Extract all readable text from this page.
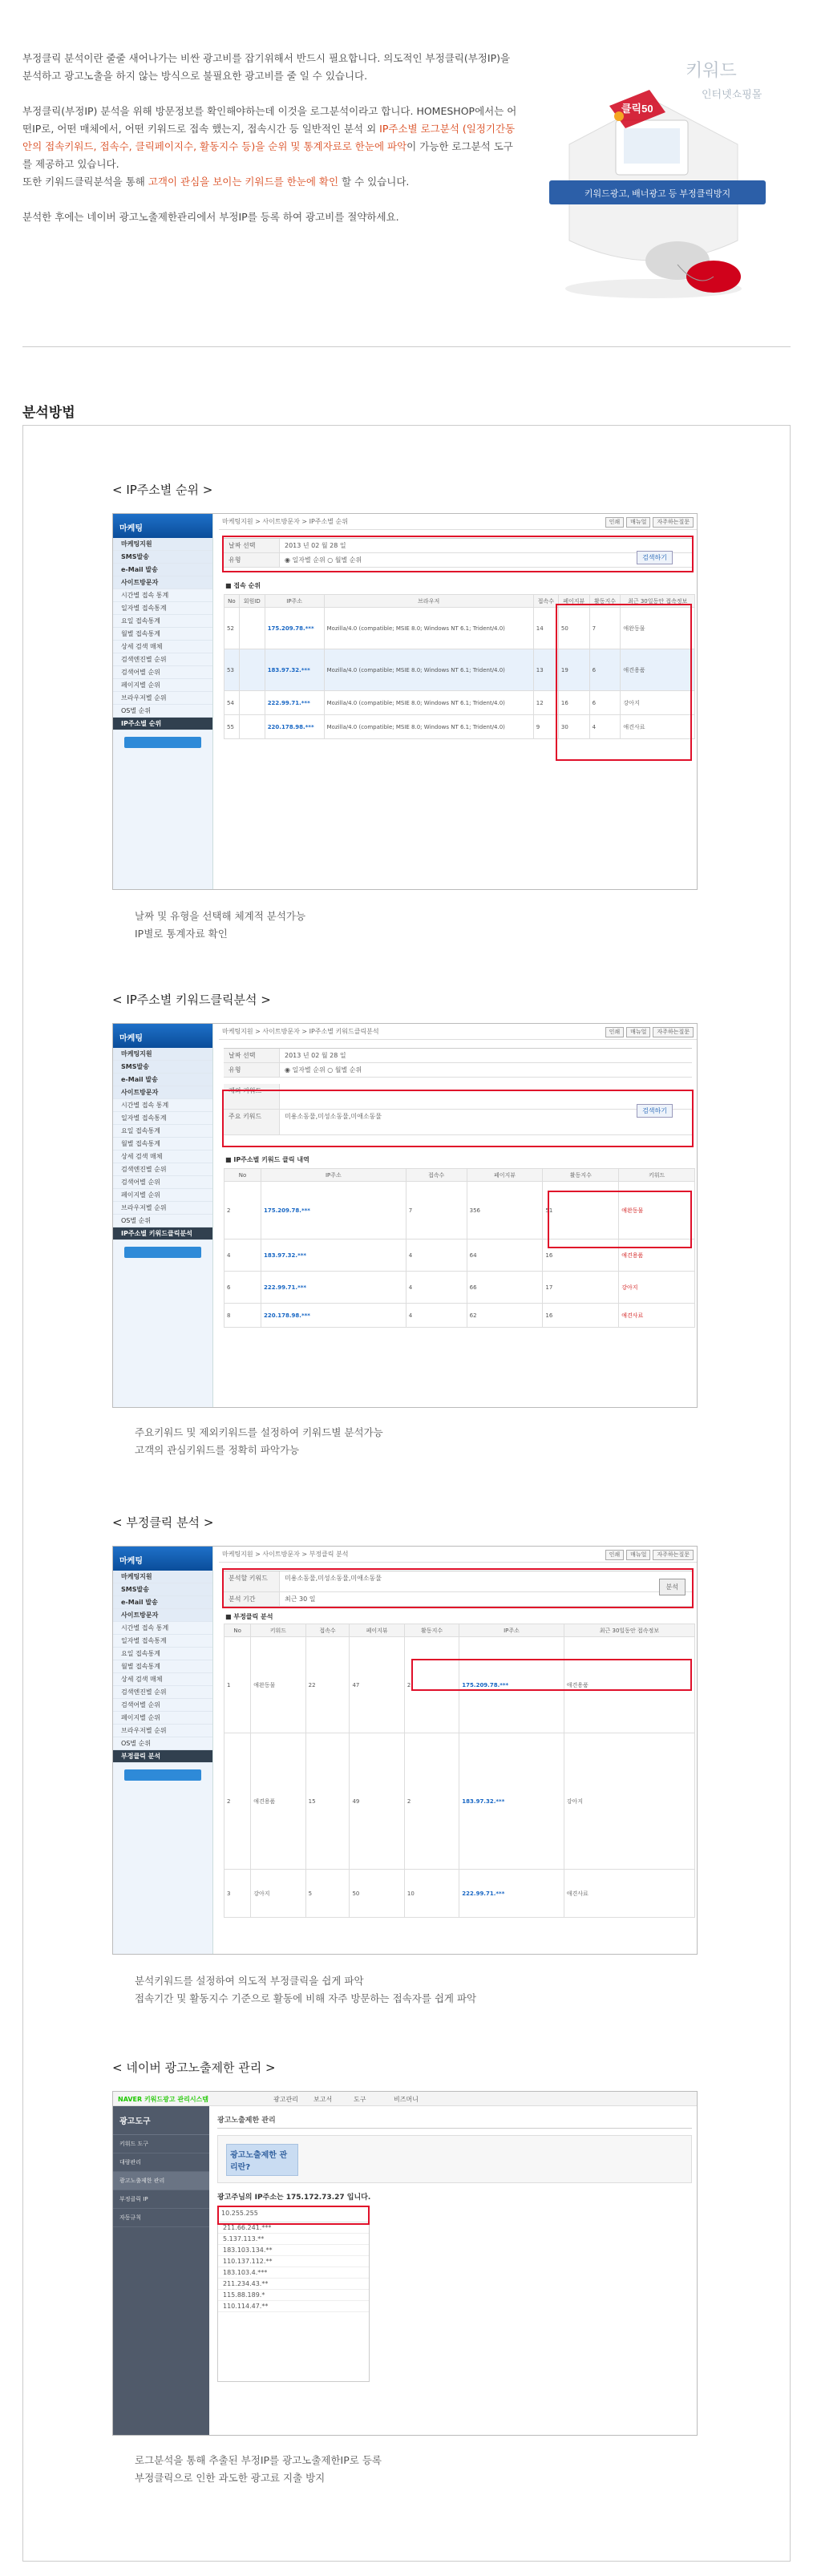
부정클릭 분석이란 줄줄 새어나가는 비싼 광고비를 잡기위해서 반드시 필요합니다. 의도적인 부정클릭(부정IP)을 분석하고 광고노출을 하지 않는 방식으로 불필요한 광고비를 줄 일 수 있습니다.

부정클릭(부정IP) 분석을 위해 방문정보를 확인해야하는데 이것을 로그분석이라고 합니다. HOMESHOP에서는 어떤IP로, 어떤 매체에서, 어떤 키워드로 접속 했는지, 접속시간 등 일반적인 분석 외 IP주소별 로그분석 (일정기간동안의 접속키워드, 접속수, 클릭페이지수, 활동지수 등)을 순위 및 통계자료로 한눈에 파악이 가능한 로그분석 도구를 제공하고 있습니다.
또한 키워드클릭분석을 통해 고객이 관심을 보이는 키워드를 한눈에 확인 할 수 있습니다.

분석한 후에는 네이버 광고노출제한관리에서 부정IP를 등록 하여 광고비를 절약하세요.

키워드
인터넷쇼핑몰
클릭50
키워드광고, 배너광고 등 부정클릭방지
분석방법
< IP주소별 순위 >
마케팅
마케팅지원
SMS발송
e-Mail 발송
사이트방문자
시간별 접속 통계
일자별 접속통계
요일 접속통계
월별 접속통계
상세 검색 매체
검색엔진별 순위
검색어별 순위
페이지별 순위
브라우저별 순위
OS별 순위
IP주소별 순위
마케팅지원 > 사이트방문자 > IP주소별 순위	인쇄	매뉴얼	자주하는질문
날짜 선택	2013 년 02 월 28 일
유형	◉ 일자별 순위 ○ 월별 순위	검색하기
■ 접속 순위
No	회원ID	IP주소	브라우저	접속수	페이지뷰	활동지수	최근 30일동안 접속정보
52		175.209.78.***	Mozilla/4.0 (compatible; MSIE 8.0; Windows NT 6.1; Trident/4.0)	14	50	7	애완동물
53		183.97.32.***	Mozilla/4.0 (compatible; MSIE 8.0; Windows NT 6.1; Trident/4.0)	13	19	6	애견용품
54		222.99.71.***	Mozilla/4.0 (compatible; MSIE 8.0; Windows NT 6.1; Trident/4.0)	12	16	6	강아지
55		220.178.98.***	Mozilla/4.0 (compatible; MSIE 8.0; Windows NT 6.1; Trident/4.0)	9	30	4	애견사료
날짜 및 유형을 선택해 체계적 분석가능
IP별로 통계자료 확인
< IP주소별 키워드클릭분석 >
마케팅
마케팅지원
SMS발송
e-Mail 발송
사이트방문자
시간별 접속 통계
일자별 접속통계
요일 접속통계
월별 접속통계
상세 검색 매체
검색엔진별 순위
검색어별 순위
페이지별 순위
브라우저별 순위
OS별 순위
IP주소별 키워드클릭분석
마케팅지원 > 사이트방문자 > IP주소별 키워드클릭분석	인쇄	매뉴얼	자주하는질문
날짜 선택	2013 년 02 월 28 일
유형	◉ 일자별 순위 ○ 월별 순위
제외 키워드
주요 키워드	미용소동물,미성소동물,미애소동물
검색하기
■ IP주소별 키워드 클릭 내역
No	IP주소	접속수	페이지뷰	활동지수	키워드
2	175.209.78.***	7	356	51	애완동물
4	183.97.32.***	4	64	16	애견용품
6	222.99.71.***	4	66	17	강아지
8	220.178.98.***	4	62	16	애견사료
주요키워드 및 제외키워드를 설정하여 키워드별 분석가능
고객의 관심키워드를 정확히 파악가능
< 부정클릭 분석 >
마케팅
마케팅지원
SMS발송
e-Mail 발송
사이트방문자
시간별 접속 통계
일자별 접속통계
요일 접속통계
월별 접속통계
상세 검색 매체
검색엔진별 순위
검색어별 순위
페이지별 순위
브라우저별 순위
OS별 순위
부정클릭 분석
마케팅지원 > 사이트방문자 > 부정클릭 분석	인쇄	매뉴얼	자주하는질문
분석할 키워드	미용소동물,미성소동물,미애소동물
분석 기간	최근 30 일
분석
■ 부정클릭 분석
No	키워드	접속수	페이지뷰	활동지수	IP주소	최근 30일동안 접속정보
1	애완동물	22	47	2	175.209.78.***	애견용품
2	애견용품	15	49	2	183.97.32.***	강아지
3	강아지	5	50	10	222.99.71.***	애견사료
분석키워드를 설정하여 의도적 부정클릭을 쉽게 파악
접속기간 및 활동지수 기준으로 활동에 비해 자주 방문하는 접속자를 쉽게 파악
< 네이버 광고노출제한 관리 >
NAVER 키워드광고 관리시스템	광고관리 보고서	도구	비즈머니
광고도구
키워드 도구
대량관리
광고노출제한 관리
부정클릭 IP
자동규칙
광고노출제한 관리
광고노출제한 관리란?
광고주님의 IP주소는 175.172.73.27 입니다.
10.255.255
211.66.241.***
5.137.113.**
183.103.134.**
110.137.112.**
183.103.4.***
211.234.43.**
115.88.189.*
110.114.47.**
로그분석을 통해 추출된 부정IP를 광고노출제한IP로 등록
부정클릭으로 인한 과도한 광고료 지출 방지
